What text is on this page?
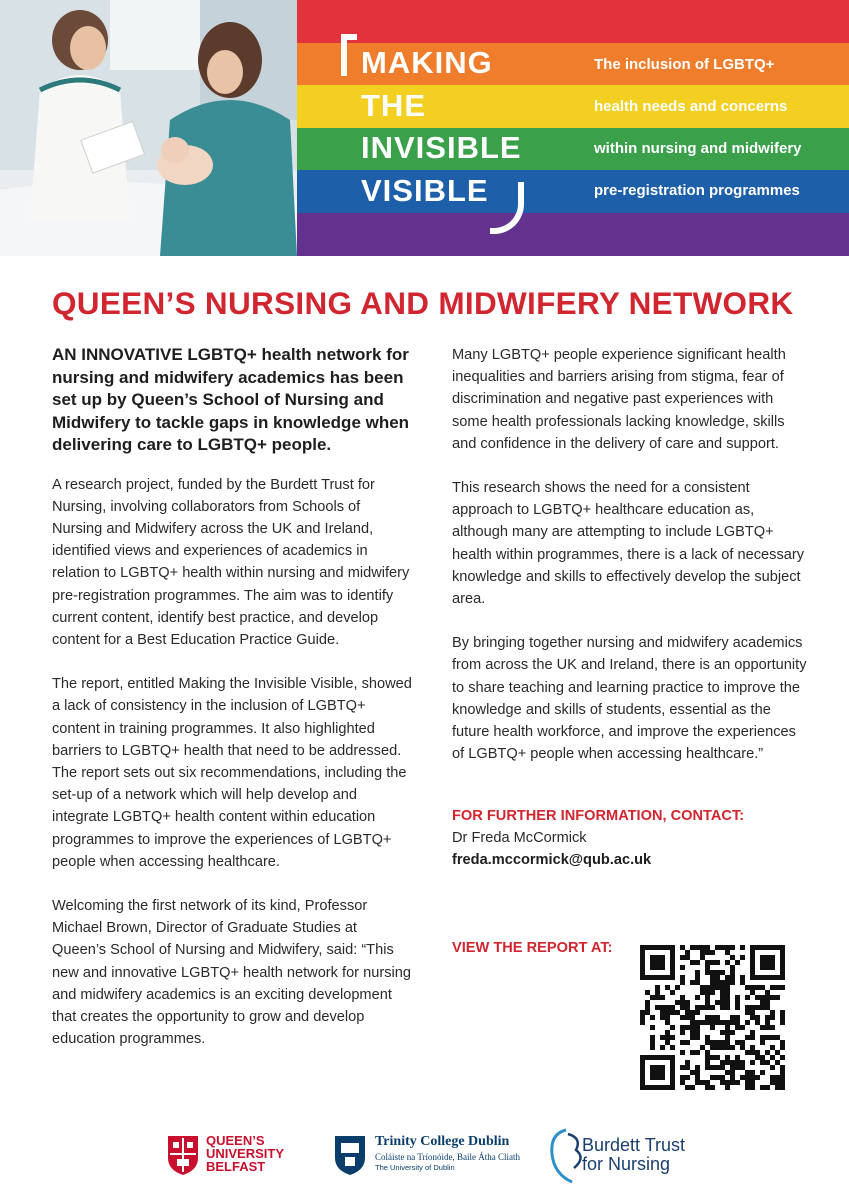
MAKING
THE
INVISIBLE
VISIBLE
The inclusion of LGBTQ+
health needs and concerns
within nursing and midwifery
pre-registration programmes
QUEEN’S NURSING AND MIDWIFERY NETWORK

AN INNOVATIVE LGBTQ+ health network for nursing and midwifery academics has been set up by Queen’s School of Nursing and Midwifery to tackle gaps in knowledge when delivering care to LGBTQ+ people.

A research project, funded by the Burdett Trust for Nursing, involving collaborators from Schools of Nursing and Midwifery across the UK and Ireland, identified views and experiences of academics in relation to LGBTQ+ health within nursing and midwifery pre-registration programmes. The aim was to identify current content, identify best practice, and develop content for a Best Education Practice Guide.

The report, entitled Making the Invisible Visible, showed a lack of consistency in the inclusion of LGBTQ+ content in training programmes. It also highlighted barriers to LGBTQ+ health that need to be addressed. The report sets out six recommendations, including the set-up of a network which will help develop and integrate LGBTQ+ health content within education programmes to improve the experiences of LGBTQ+ people when accessing healthcare.

Welcoming the first network of its kind, Professor Michael Brown, Director of Graduate Studies at Queen’s School of Nursing and Midwifery, said: “This new and innovative LGBTQ+ health network for nursing and midwifery academics is an exciting development that creates the opportunity to grow and develop education programmes.

Many LGBTQ+ people experience significant health inequalities and barriers arising from stigma, fear of discrimination and negative past experiences with some health professionals lacking knowledge, skills and confidence in the delivery of care and support.

This research shows the need for a consistent approach to LGBTQ+ healthcare education as, although many are attempting to include LGBTQ+ health within programmes, there is a lack of necessary knowledge and skills to effectively develop the subject area.

By bringing together nursing and midwifery academics from across the UK and Ireland, there is an opportunity to share teaching and learning practice to improve the knowledge and skills of students, essential as the future health workforce, and improve the experiences of LGBTQ+ people when accessing healthcare.”

FOR FURTHER INFORMATION, CONTACT:
Dr Freda McCormick
freda.mccormick@qub.ac.uk
VIEW THE REPORT AT:
QUEEN’S
UNIVERSITY
BELFAST
Trinity College Dublin
Coláiste na Tríonóide, Baile Átha Cliath
The University of Dublin
Burdett Trust
for Nursing
